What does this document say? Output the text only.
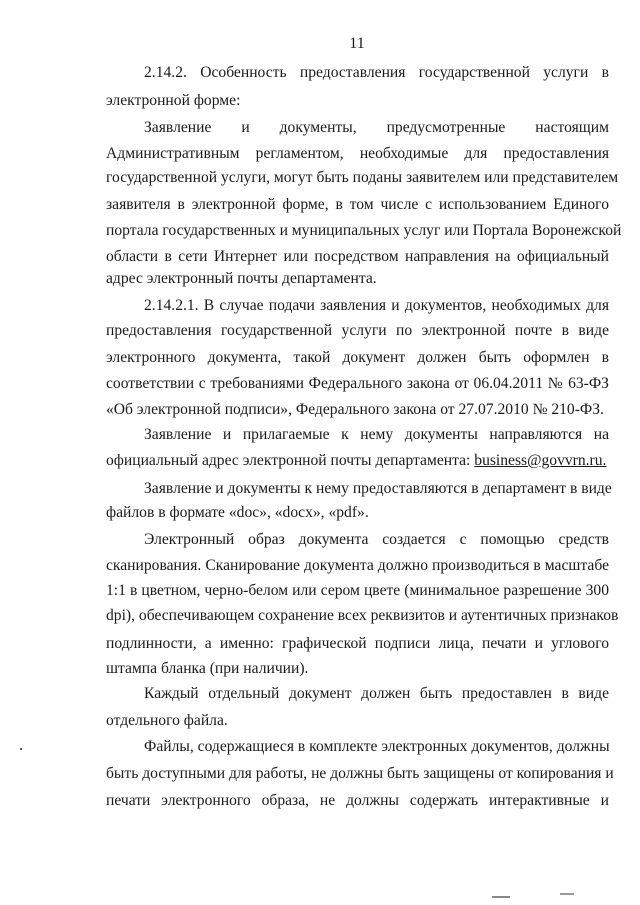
11
2.14.2. Особенность предоставления государственной услуги в
электронной форме:
Заявление и документы, предусмотренные настоящим
Административным регламентом, необходимые для предоставления
государственной услуги, могут быть поданы заявителем или представителем
заявителя в электронной форме, в том числе с использованием Единого
портала государственных и муниципальных услуг или Портала Воронежской
области в сети Интернет или посредством направления на официальный
адрес электронный почты департамента.
2.14.2.1. В случае подачи заявления и документов, необходимых для
предоставления государственной услуги по электронной почте в виде
электронного документа, такой документ должен быть оформлен в
соответствии с требованиями Федерального закона от 06.04.2011 № 63-ФЗ
«Об электронной подписи», Федерального закона от 27.07.2010 № 210-ФЗ.
Заявление и прилагаемые к нему документы направляются на
официальный адрес электронной почты департамента: business@govvrn.ru.
Заявление и документы к нему предоставляются в департамент в виде
файлов в формате «doc», «docx», «pdf».
Электронный образ документа создается с помощью средств
сканирования. Сканирование документа должно производиться в масштабе
1:1 в цветном, черно-белом или сером цвете (минимальное разрешение 300
dpi), обеспечивающем сохранение всех реквизитов и аутентичных признаков
подлинности, а именно: графической подписи лица, печати и углового
штампа бланка (при наличии).
Каждый отдельный документ должен быть предоставлен в виде
отдельного файла.
Файлы, содержащиеся в комплекте электронных документов, должны
быть доступными для работы, не должны быть защищены от копирования и
печати электронного образа, не должны содержать интерактивные и
